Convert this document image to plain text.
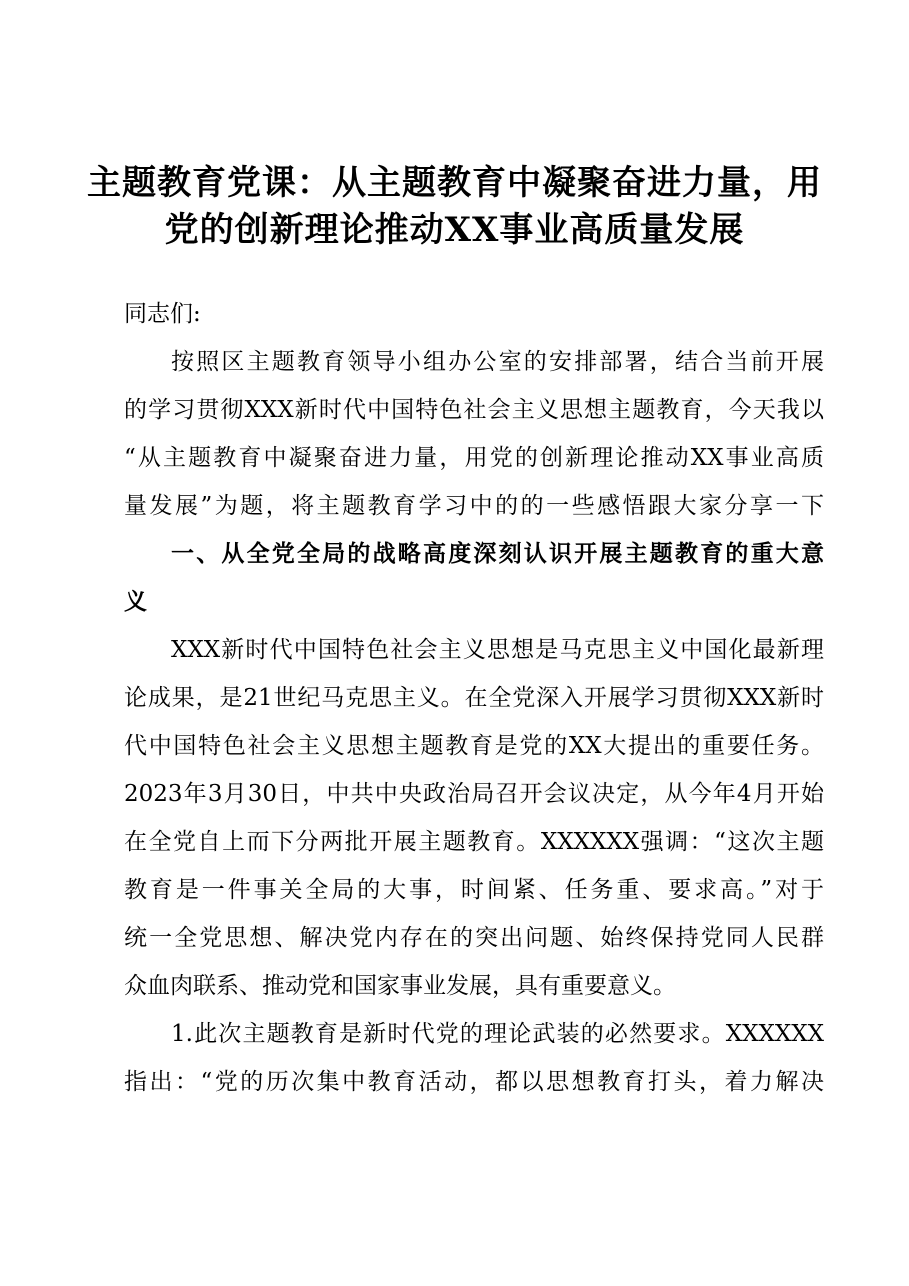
主题教育党课：从主题教育中凝聚奋进力量，用
党的创新理论推动XX事业高质量发展
同志们:
按照区主题教育领导小组办公室的安排部署，结合当前开展
的学习贯彻XXX新时代中国特色社会主义思想主题教育，今天我以
“从主题教育中凝聚奋进力量，用党的创新理论推动XX事业高质
量发展”为题，将主题教育学习中的的一些感悟跟大家分享一下
一、从全党全局的战略高度深刻认识开展主题教育的重大意
义
XXX新时代中国特色社会主义思想是马克思主义中国化最新理
论成果，是21世纪马克思主义。在全党深入开展学习贯彻XXX新时
代中国特色社会主义思想主题教育是党的XX大提出的重要任务。
2023年3月30日，中共中央政治局召开会议决定，从今年4月开始
在全党自上而下分两批开展主题教育。XXXXXX强调：“这次主题
教育是一件事关全局的大事，时间紧、任务重、要求高。”对于
统一全党思想、解决党内存在的突出问题、始终保持党同人民群
众血肉联系、推动党和国家事业发展，具有重要意义。
1.此次主题教育是新时代党的理论武装的必然要求。XXXXXX
指出：“党的历次集中教育活动，都以思想教育打头，着力解决
